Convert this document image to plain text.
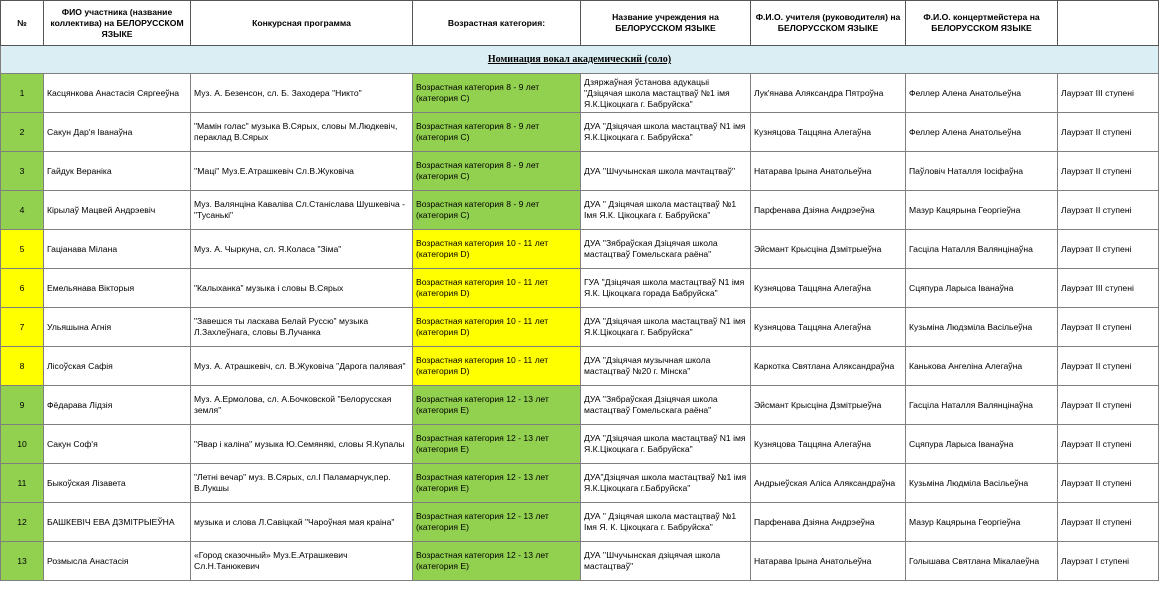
№	ФИО участника (название коллектива) на БЕЛОРУССКОМ ЯЗЫКЕ	Конкурсная программа	Возрастная категория:	Название учреждения на БЕЛОРУССКОМ ЯЗЫКЕ	Ф.И.О. учителя (руководителя) на БЕЛОРУССКОМ ЯЗЫКЕ	Ф.И.О. концертмейстера на БЕЛОРУССКОМ ЯЗЫКЕ	
Номинация вокал академический (соло)							
1	Касцянкова Анастасія Сяргееўна	Муз. А. Безенсон, сл. Б. Заходера "Никто"	Возрастная категория 8 - 9 лет (категория С)	Дзяржаўная ўстанова адукацыі "Дзіцячая школа мастацтваў №1 імя Я.К.Цікоцкага г. Бабруйска"	Лук'янава Аляксандра Пятроўна	Феллер Алена Анатольеўна	Лаурэат III ступені
2	Сакун Дар'я Іванаўна	"Мамін голас" музыка В.Сярых, словы М.Людкевіч, пераклад В.Сярых	Возрастная категория 8 - 9 лет (категория С)	ДУА "Дзіцячая школа мастацтваў N1 імя Я.К.Цікоцкага г. Бабруйска"	Кузняцова Таццяна Алегаўна	Феллер Алена Анатольеўна	Лаурэат II ступені
3	Гайдук Вераніка	''Маці'' Муз.Е.Атрашкевіч Сл.В.Жуковіча	Возрастная категория 8 - 9 лет (категория С)	ДУА ''Шчучынская школа мачтацтваў''	Натарава Ірына Анатольеўна	Паўловіч Наталля Іосіфаўна	Лаурэат II ступені
4	Кірылаў Мацвей Андрэевіч	Муз. Валянціна Каваліва Сл.Станіслава Шушкевіча - "Тусанькі"	Возрастная категория 8 - 9 лет (категория С)	ДУА " Дзіцячая школа мастацтваў №1 Імя Я.К. Цікоцкага г. Бабруйска"	Парфенава Дзіяна Андрэеўна	Мазур Кацярына Георгіеўна	Лаурэат II ступені
5	Гаціанава Мілана	Муз. А. Чыркуна, сл. Я.Коласа "Зіма"	Возрастная категория 10 - 11 лет (категория D)	ДУА "Зябраўская Дзіцячая школа мастацтваў Гомельскага раёна"	Эйсмант Крысціна Дзмітрыеўна	Гасціла Наталля Валянцінаўна	Лаурэат II ступені
6	Емельянава Вікторыя	"Калыханка" музыка і словы В.Сярых	Возрастная категория 10 - 11 лет (категория D)	ГУА "Дзіцячая школа мастацтваў N1 імя Я.К. Цікоцкага горада Бабруйска"	Кузняцова Таццяна Алегаўна	Сцяпура Ларыса Іванаўна	Лаурэат III ступені
7	Ульяшына Агнія	"Завешся ты ласкава Белай Руссю" музыка Л.Захлеўнага, словы В.Лучанка	Возрастная категория 10 - 11 лет (категория D)	ДУА "Дзіцячая школа мастацтваў N1 імя Я.К.Цікоцкага г. Бабруйска"	Кузняцова Таццяна Алегаўна	Кузьміна Людзміла Васільеўна	Лаурэат II ступені
8	Лісоўская Сафія	Муз. А. Атрашкевіч, сл. В.Жуковіча "Дарога палявая"	Возрастная категория 10 - 11 лет (категория D)	ДУА "Дзіцячая музычная школа мастацтваў №20 г. Мінска"	Каркотка Святлана Аляксандраўна	Канькова Ангеліна Алегаўна	Лаурэат II ступені
9	Фёдарава Лідзія	Муз. А.Ермолова, сл. А.Бочковской "Белорусская земля"	Возрастная категория 12 - 13 лет (категория Е)	ДУА "Зябраўская Дзіцячая школа мастацтваў Гомельскага раёна"	Эйсмант Крысціна Дзмітрыеўна	Гасціла Наталля Валянцінаўна	Лаурэат II ступені
10	Сакун Соф'я	"Явар і каліна" музыка Ю.Семянякі, словы Я.Купалы	Возрастная категория 12 - 13 лет (категория Е)	ДУА "Дзіцячая школа мастацтваў N1 імя Я.К.Цікоцкага г. Бабруйска"	Кузняцова Таццяна Алегаўна	Сцяпура Ларыса Іванаўна	Лаурэат II ступені
11	Быкоўская Лізавета	"Летні вечар" муз. В.Сярых, сл.І Паламарчук,пер. В.Лукшы	Возрастная категория 12 - 13 лет (категория Е)	ДУА"Дзіцячая школа мастацтваў №1 імя Я.К.Цікоцкага г.Бабруйска"	Андрыеўская Аліса Аляксандраўна	Кузьміна Людміла Васільеўна	Лаурэат II ступені
12	БАШКЕВІЧ ЕВА ДЗМІТРЫЕЎНА	музыка и слова Л.Савіцкай "Чароўная мая краіна"	Возрастная категория 12 - 13 лет (категория Е)	ДУА " Дзіцячая школа мастацтваў №1 Імя Я. К. Цікоцкага г. Бабруйска"	Парфенава Дзіяна Андрэеўна	Мазур Кацярына Георгіеўна	Лаурэат II ступені
13	Розмысла Анастасія	«Город сказочный» Муз.Е.Атрашкевич Сл.Н.Танюкевич	Возрастная категория 12 - 13 лет (категория Е)	ДУА ''Шчучынская дзіцячая школа мастацтваў''	Натарава Ірына Анатольеўна	Голышава Святлана Мікалаеўна	Лаурэат I ступені
